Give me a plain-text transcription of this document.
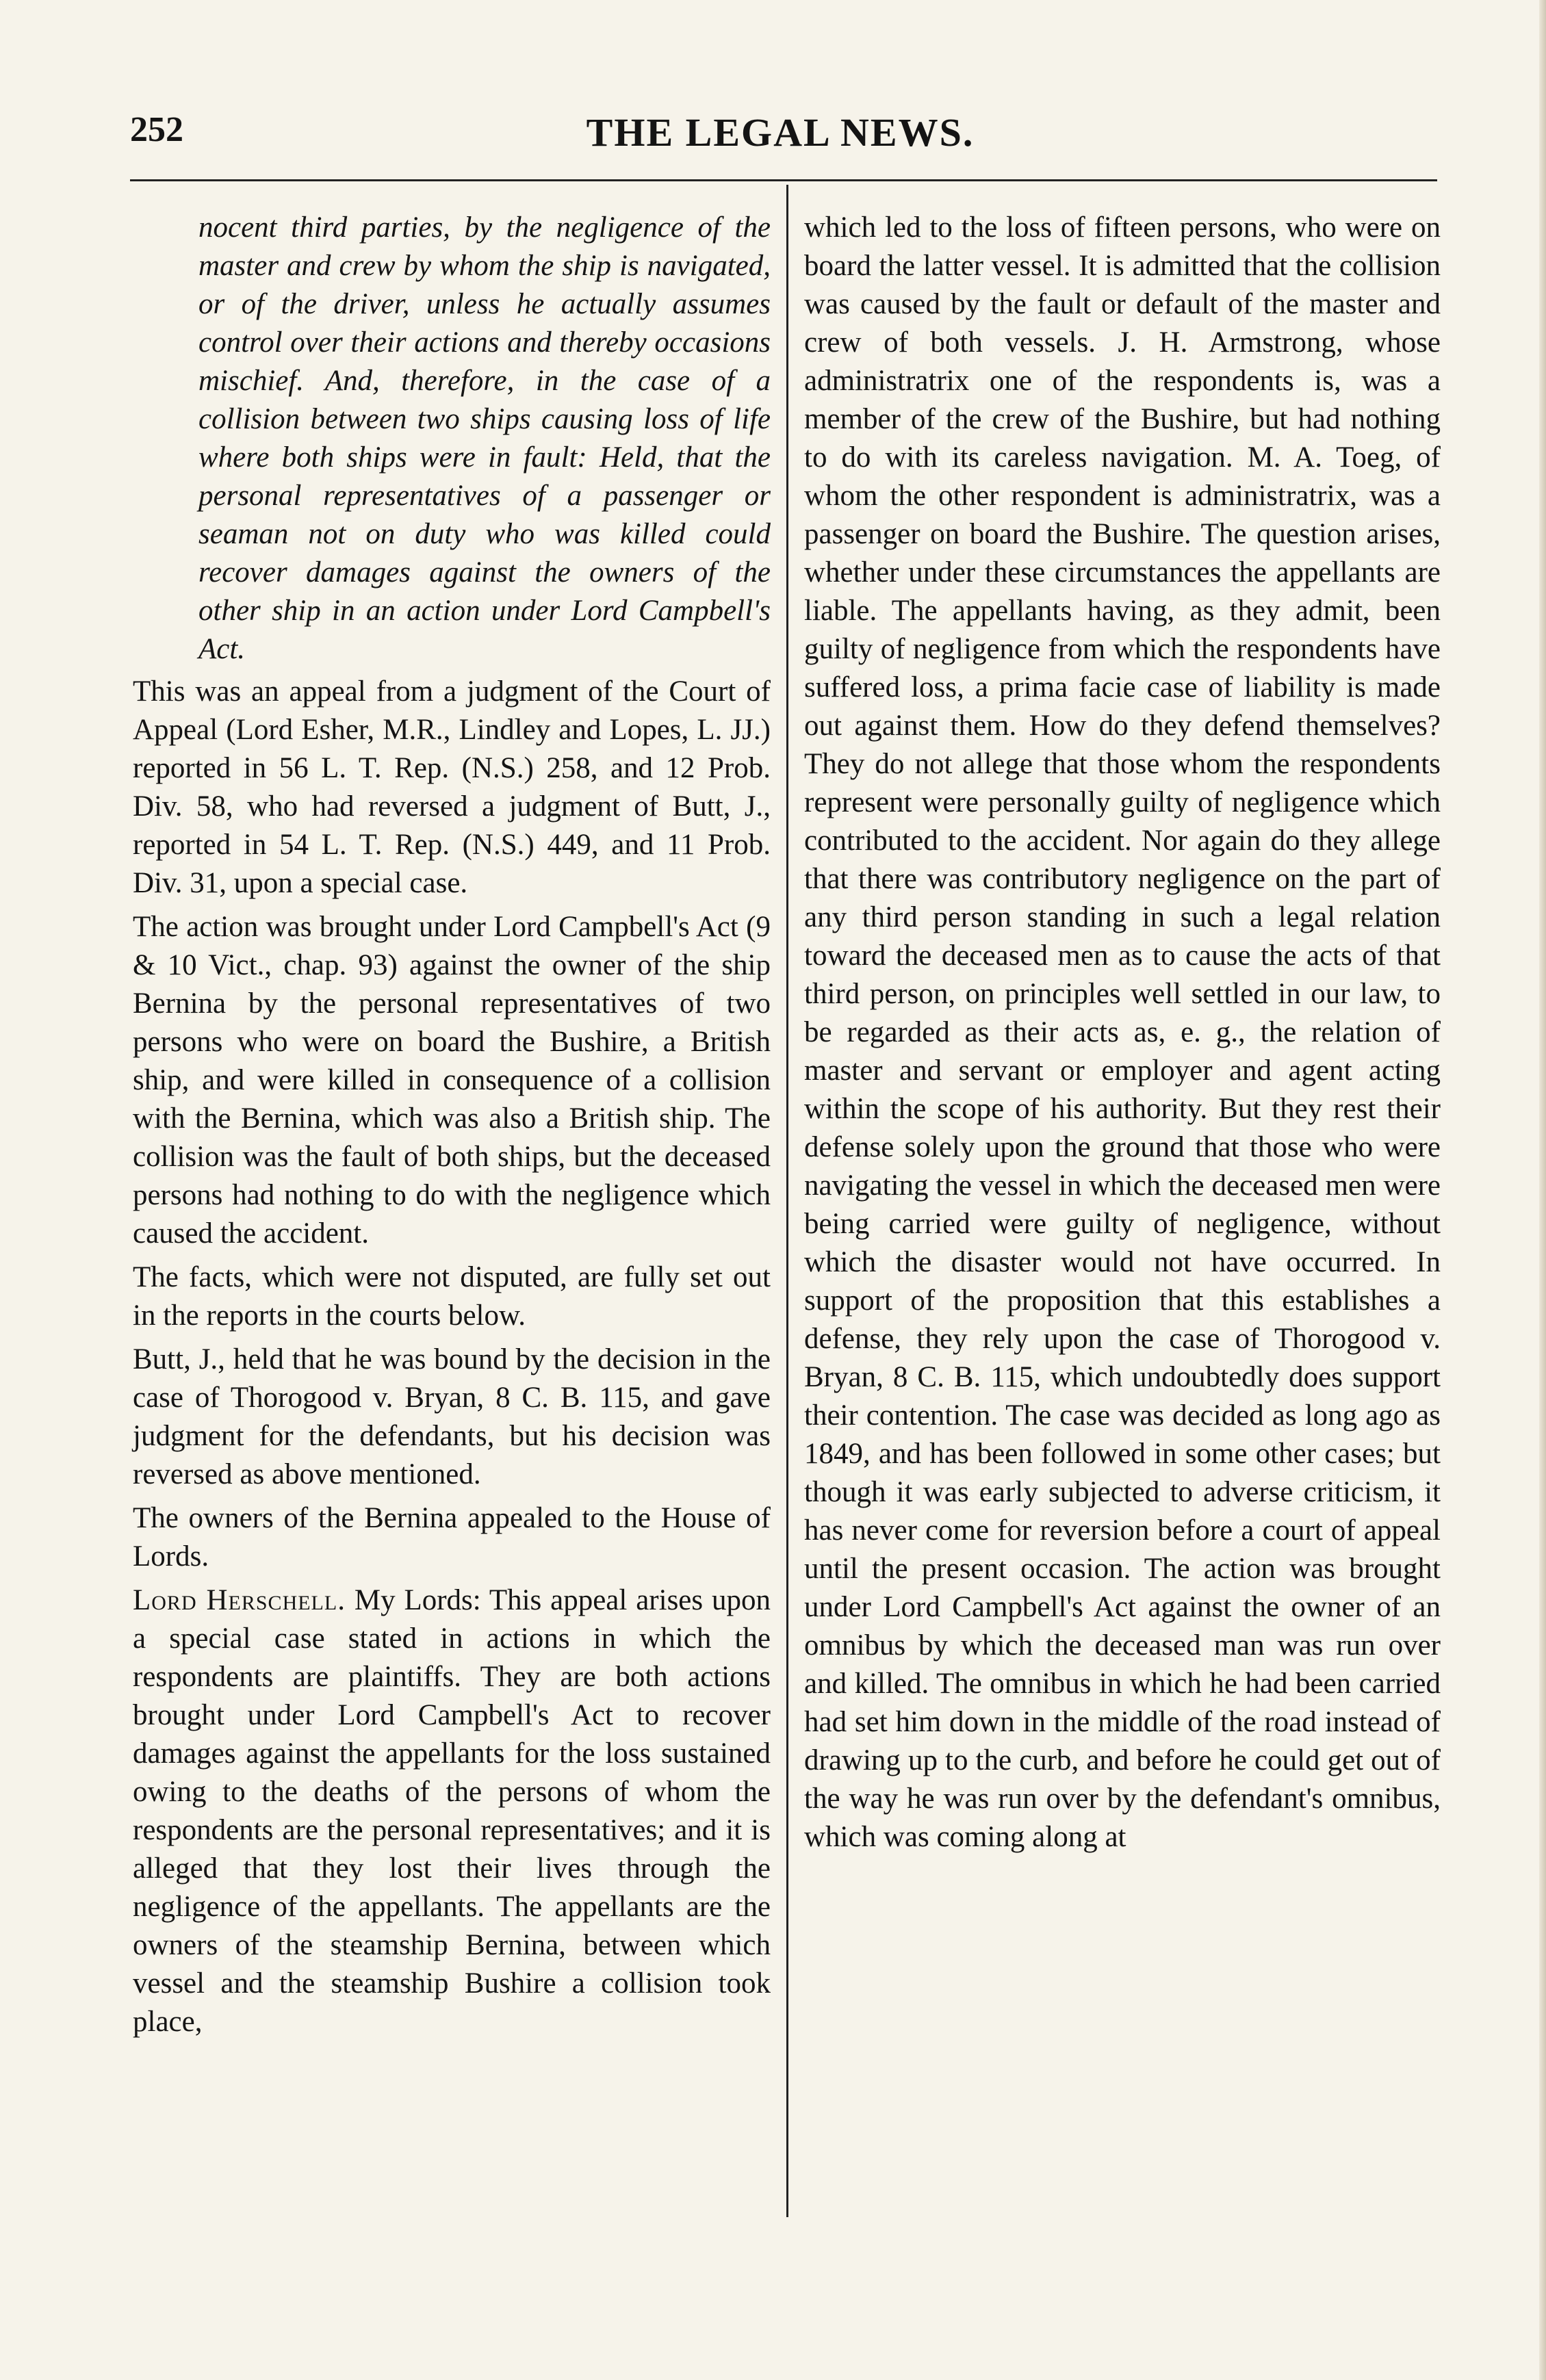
252	THE LEGAL NEWS.

nocent third parties, by the negligence of the master and crew by whom the ship is navigated, or of the driver, unless he actually assumes control over their actions and thereby occasions mischief. And, therefore, in the case of a collision between two ships causing loss of life where both ships were in fault: Held, that the personal representatives of a passenger or seaman not on duty who was killed could recover damages against the owners of the other ship in an action under Lord Campbell's Act.

This was an appeal from a judgment of the Court of Appeal (Lord Esher, M.R., Lindley and Lopes, L. JJ.) reported in 56 L. T. Rep. (N.S.) 258, and 12 Prob. Div. 58, who had reversed a judgment of Butt, J., reported in 54 L. T. Rep. (N.S.) 449, and 11 Prob. Div. 31, upon a special case.

The action was brought under Lord Campbell's Act (9 & 10 Vict., chap. 93) against the owner of the ship Bernina by the personal representatives of two persons who were on board the Bushire, a British ship, and were killed in consequence of a collision with the Bernina, which was also a British ship. The collision was the fault of both ships, but the deceased persons had nothing to do with the negligence which caused the accident.

The facts, which were not disputed, are fully set out in the reports in the courts below.

Butt, J., held that he was bound by the decision in the case of Thorogood v. Bryan, 8 C. B. 115, and gave judgment for the defendants, but his decision was reversed as above mentioned.

The owners of the Bernina appealed to the House of Lords.

Lord Herschell. My Lords: This appeal arises upon a special case stated in actions in which the respondents are plaintiffs. They are both actions brought under Lord Campbell's Act to recover damages against the appellants for the loss sustained owing to the deaths of the persons of whom the respondents are the personal representatives; and it is alleged that they lost their lives through the negligence of the appellants. The appellants are the owners of the steamship Bernina, between which vessel and the steamship Bushire a collision took place,

which led to the loss of fifteen persons, who were on board the latter vessel. It is admitted that the collision was caused by the fault or default of the master and crew of both vessels. J. H. Armstrong, whose administratrix one of the respondents is, was a member of the crew of the Bushire, but had nothing to do with its careless navigation. M. A. Toeg, of whom the other respondent is administratrix, was a passenger on board the Bushire. The question arises, whether under these circumstances the appellants are liable. The appellants having, as they admit, been guilty of negligence from which the respondents have suffered loss, a prima facie case of liability is made out against them. How do they defend themselves? They do not allege that those whom the respondents represent were personally guilty of negligence which contributed to the accident. Nor again do they allege that there was contributory negligence on the part of any third person standing in such a legal relation toward the deceased men as to cause the acts of that third person, on principles well settled in our law, to be regarded as their acts as, e. g., the relation of master and servant or employer and agent acting within the scope of his authority. But they rest their defense solely upon the ground that those who were navigating the vessel in which the deceased men were being carried were guilty of negligence, without which the disaster would not have occurred. In support of the proposition that this establishes a defense, they rely upon the case of Thorogood v. Bryan, 8 C. B. 115, which undoubtedly does support their contention. The case was decided as long ago as 1849, and has been followed in some other cases; but though it was early subjected to adverse criticism, it has never come for reversion before a court of appeal until the present occasion. The action was brought under Lord Campbell's Act against the owner of an omnibus by which the deceased man was run over and killed. The omnibus in which he had been carried had set him down in the middle of the road instead of drawing up to the curb, and before he could get out of the way he was run over by the defendant's omnibus, which was coming along at
